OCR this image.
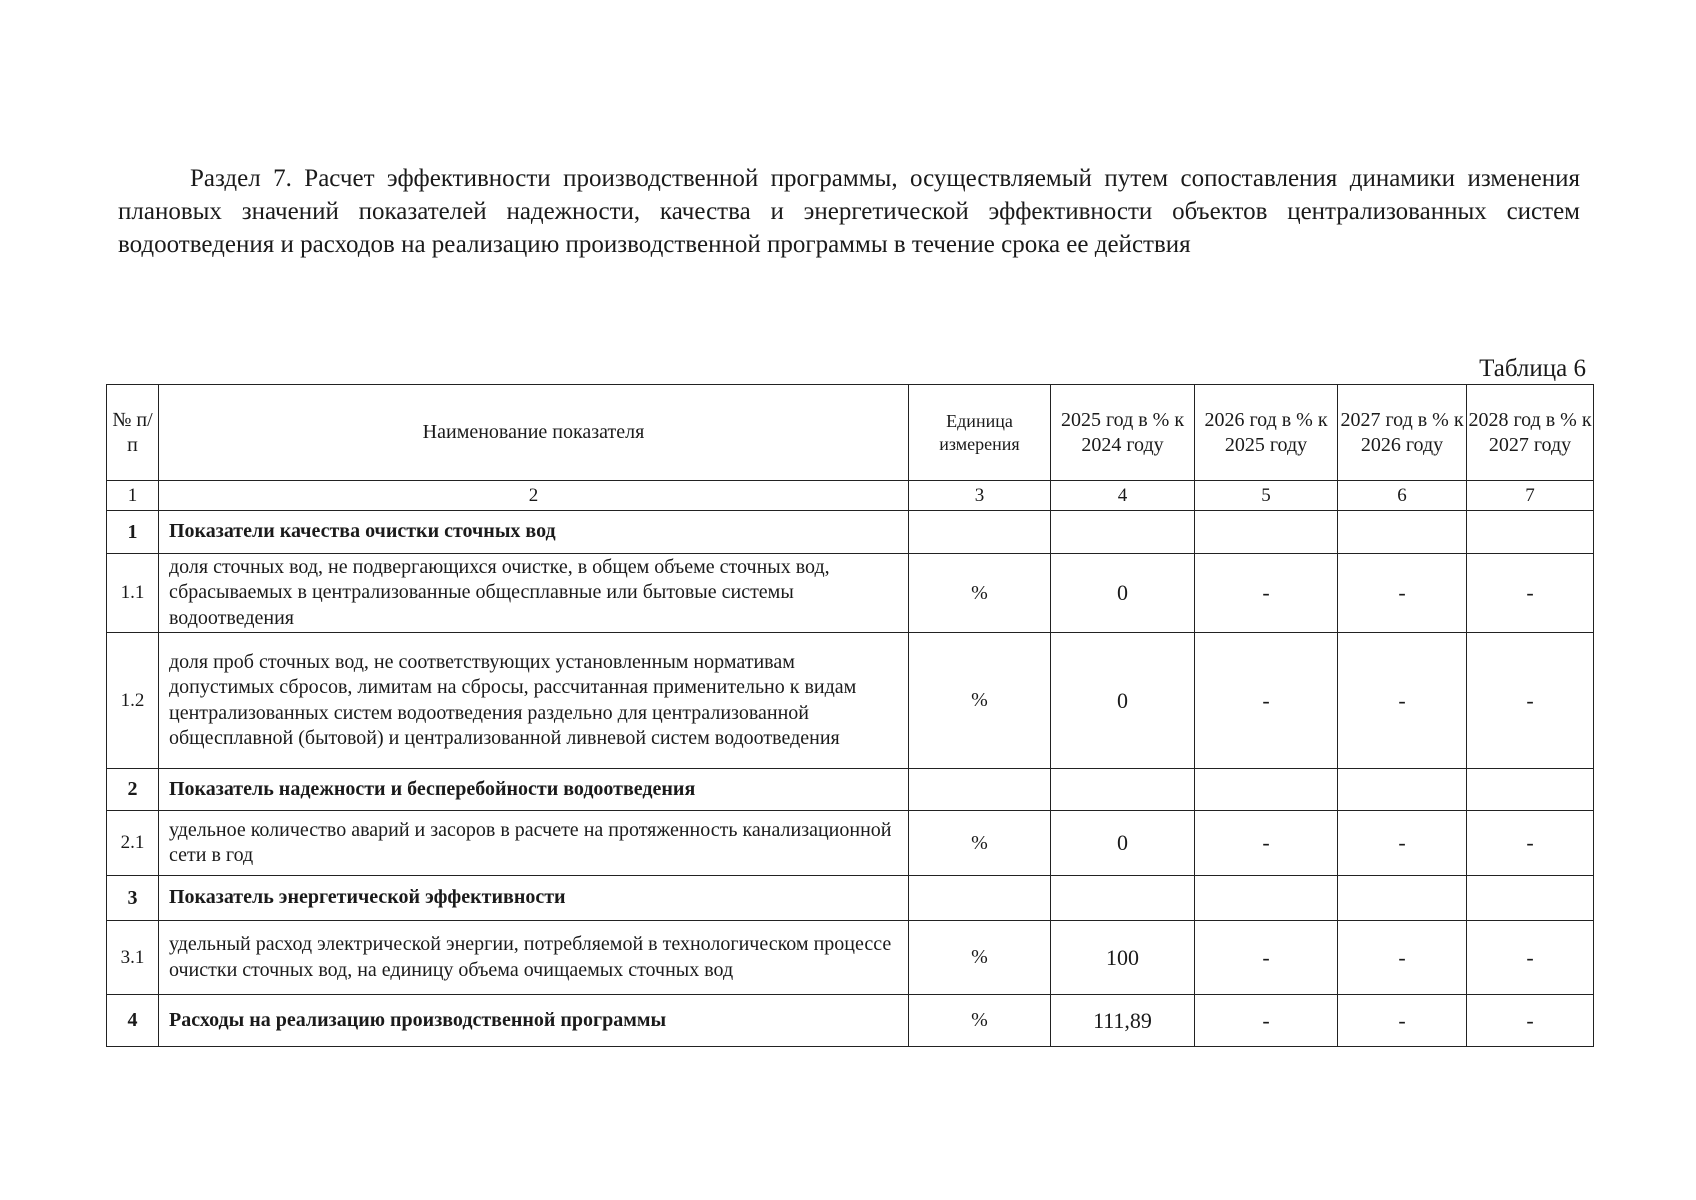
Раздел 7. Расчет эффективности производственной программы, осуществляемый путем сопоставления динамики изменения плановых значений показателей надежности, качества и энергетической эффективности объектов централизованных систем водоотведения и расходов на реализацию производственной программы в течение срока ее действия

Таблица 6

№ п/п	Наименование показателя	Единица измерения	2025 год в % к 2024 году	2026 год в % к 2025 году	2027 год в % к 2026 году	2028 год в % к 2027 году
1	2	3	4	5	6	7
1	Показатели качества очистки сточных вод					
1.1	доля сточных вод, не подвергающихся очистке, в общем объеме сточных вод, сбрасываемых в централизованные общесплавные или бытовые системы водоотведения	%	0	-	-	-
1.2	доля проб сточных вод, не соответствующих установленным нормативам допустимых сбросов, лимитам на сбросы, рассчитанная применительно к видам централизованных систем водоотведения раздельно для централизованной общесплавной (бытовой) и централизованной ливневой систем водоотведения	%	0	-	-	-
2	Показатель надежности и бесперебойности водоотведения					
2.1	удельное количество аварий и засоров в расчете на протяженность канализационной сети в год	%	0	-	-	-
3	Показатель энергетической эффективности					
3.1	удельный расход электрической энергии, потребляемой в технологическом процессе очистки сточных вод, на единицу объема очищаемых сточных вод	%	100	-	-	-
4	Расходы на реализацию производственной программы	%	111,89	-	-	-
